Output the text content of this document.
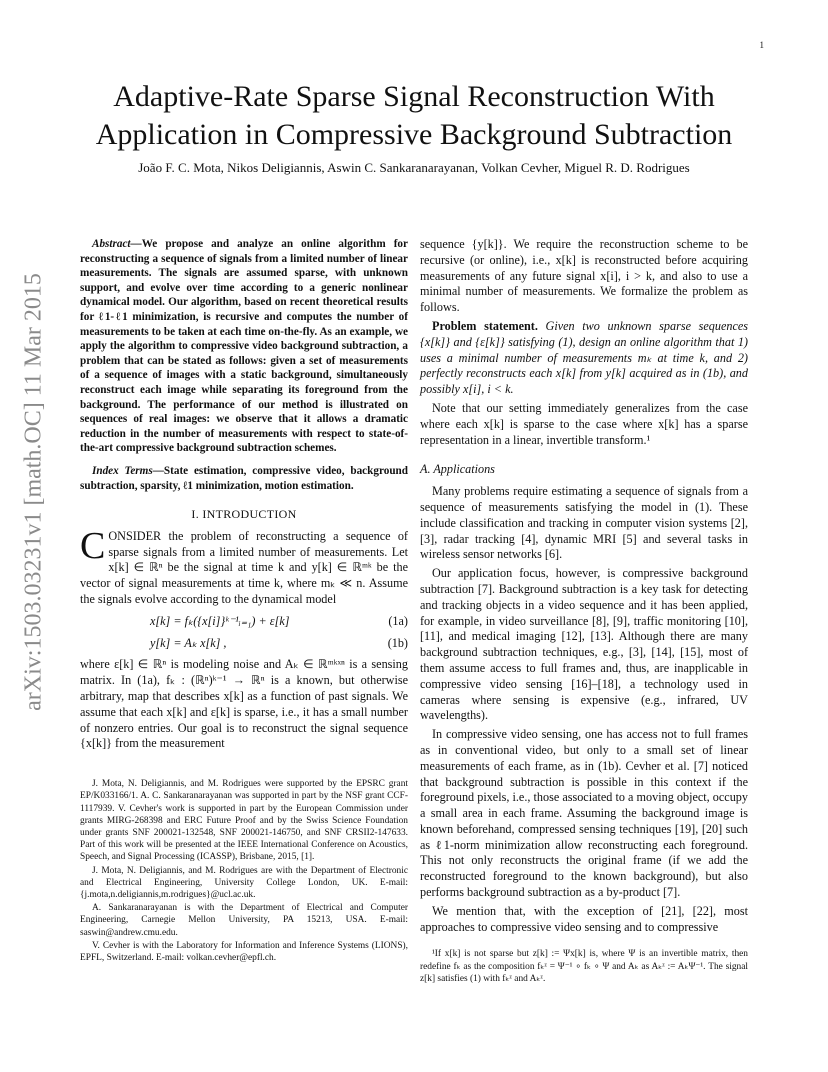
1
Adaptive-Rate Sparse Signal Reconstruction With
Application in Compressive Background Subtraction
João F. C. Mota, Nikos Deligiannis, Aswin C. Sankaranarayanan, Volkan Cevher, Miguel R. D. Rodrigues
arXiv:1503.03231v1 [math.OC] 11 Mar 2015

Abstract—We propose and analyze an online algorithm for reconstructing a sequence of signals from a limited number of linear measurements. The signals are assumed sparse, with unknown support, and evolve over time according to a generic nonlinear dynamical model. Our algorithm, based on recent theoretical results for ℓ1-ℓ1 minimization, is recursive and computes the number of measurements to be taken at each time on-the-fly. As an example, we apply the algorithm to compressive video background subtraction, a problem that can be stated as follows: given a set of measurements of a sequence of images with a static background, simultaneously reconstruct each image while separating its foreground from the background. The performance of our method is illustrated on sequences of real images: we observe that it allows a dramatic reduction in the number of measurements with respect to state-of-the-art compressive background subtraction schemes.

Index Terms—State estimation, compressive video, background subtraction, sparsity, ℓ1 minimization, motion estimation.

I. INTRODUCTION

CONSIDER the problem of reconstructing a sequence of sparse signals from a limited number of measurements. Let x[k] ∈ ℝⁿ be the signal at time k and y[k] ∈ ℝᵐᵏ be the vector of signal measurements at time k, where mₖ ≪ n. Assume the signals evolve according to the dynamical model

x[k] = fₖ({x[i]}ᵏ⁻¹ᵢ₌₁) + ε[k]	(1a)
y[k] = Aₖ x[k] ,	(1b)

where ε[k] ∈ ℝⁿ is modeling noise and Aₖ ∈ ℝᵐᵏˣⁿ is a sensing matrix. In (1a), fₖ : (ℝⁿ)ᵏ⁻¹ → ℝⁿ is a known, but otherwise arbitrary, map that describes x[k] as a function of past signals. We assume that each x[k] and ε[k] is sparse, i.e., it has a small number of nonzero entries. Our goal is to reconstruct the signal sequence {x[k]} from the measurement

J. Mota, N. Deligiannis, and M. Rodrigues were supported by the EPSRC grant EP/K033166/1. A. C. Sankaranarayanan was supported in part by the NSF grant CCF-1117939. V. Cevher's work is supported in part by the European Commission under grants MIRG-268398 and ERC Future Proof and by the Swiss Science Foundation under grants SNF 200021-132548, SNF 200021-146750, and SNF CRSII2-147633. Part of this work will be presented at the IEEE International Conference on Acoustics, Speech, and Signal Processing (ICASSP), Brisbane, 2015, [1].

J. Mota, N. Deligiannis, and M. Rodrigues are with the Department of Electronic and Electrical Engineering, University College London, UK. E-mail: {j.mota,n.deligiannis,m.rodrigues}@ucl.ac.uk.

A. Sankaranarayanan is with the Department of Electrical and Computer Engineering, Carnegie Mellon University, PA 15213, USA. E-mail: saswin@andrew.cmu.edu.

V. Cevher is with the Laboratory for Information and Inference Systems (LIONS), EPFL, Switzerland. E-mail: volkan.cevher@epfl.ch.

sequence {y[k]}. We require the reconstruction scheme to be recursive (or online), i.e., x[k] is reconstructed before acquiring measurements of any future signal x[i], i > k, and also to use a minimal number of measurements. We formalize the problem as follows.

Problem statement. Given two unknown sparse sequences {x[k]} and {ε[k]} satisfying (1), design an online algorithm that 1) uses a minimal number of measurements mₖ at time k, and 2) perfectly reconstructs each x[k] from y[k] acquired as in (1b), and possibly x[i], i < k.

Note that our setting immediately generalizes from the case where each x[k] is sparse to the case where x[k] has a sparse representation in a linear, invertible transform.¹

A. Applications

Many problems require estimating a sequence of signals from a sequence of measurements satisfying the model in (1). These include classification and tracking in computer vision systems [2], [3], radar tracking [4], dynamic MRI [5] and several tasks in wireless sensor networks [6].

Our application focus, however, is compressive background subtraction [7]. Background subtraction is a key task for detecting and tracking objects in a video sequence and it has been applied, for example, in video surveillance [8], [9], traffic monitoring [10], [11], and medical imaging [12], [13]. Although there are many background subtraction techniques, e.g., [3], [14], [15], most of them assume access to full frames and, thus, are inapplicable in compressive video sensing [16]–[18], a technology used in cameras where sensing is expensive (e.g., infrared, UV wavelengths).

In compressive video sensing, one has access not to full frames as in conventional video, but only to a small set of linear measurements of each frame, as in (1b). Cevher et al. [7] noticed that background subtraction is possible in this context if the foreground pixels, i.e., those associated to a moving object, occupy a small area in each frame. Assuming the background image is known beforehand, compressed sensing techniques [19], [20] such as ℓ1-norm minimization allow reconstructing each foreground. This not only reconstructs the original frame (if we add the reconstructed foreground to the known background), but also performs background subtraction as a by-product [7].

We mention that, with the exception of [21], [22], most approaches to compressive video sensing and to compressive

¹If x[k] is not sparse but z[k] := Ψx[k] is, where Ψ is an invertible matrix, then redefine fₖ as the composition fₖᶻ = Ψ⁻¹ ∘ fₖ ∘ Ψ and Aₖ as Aₖᶻ := AₖΨ⁻¹. The signal z[k] satisfies (1) with fₖᶻ and Aₖᶻ.
